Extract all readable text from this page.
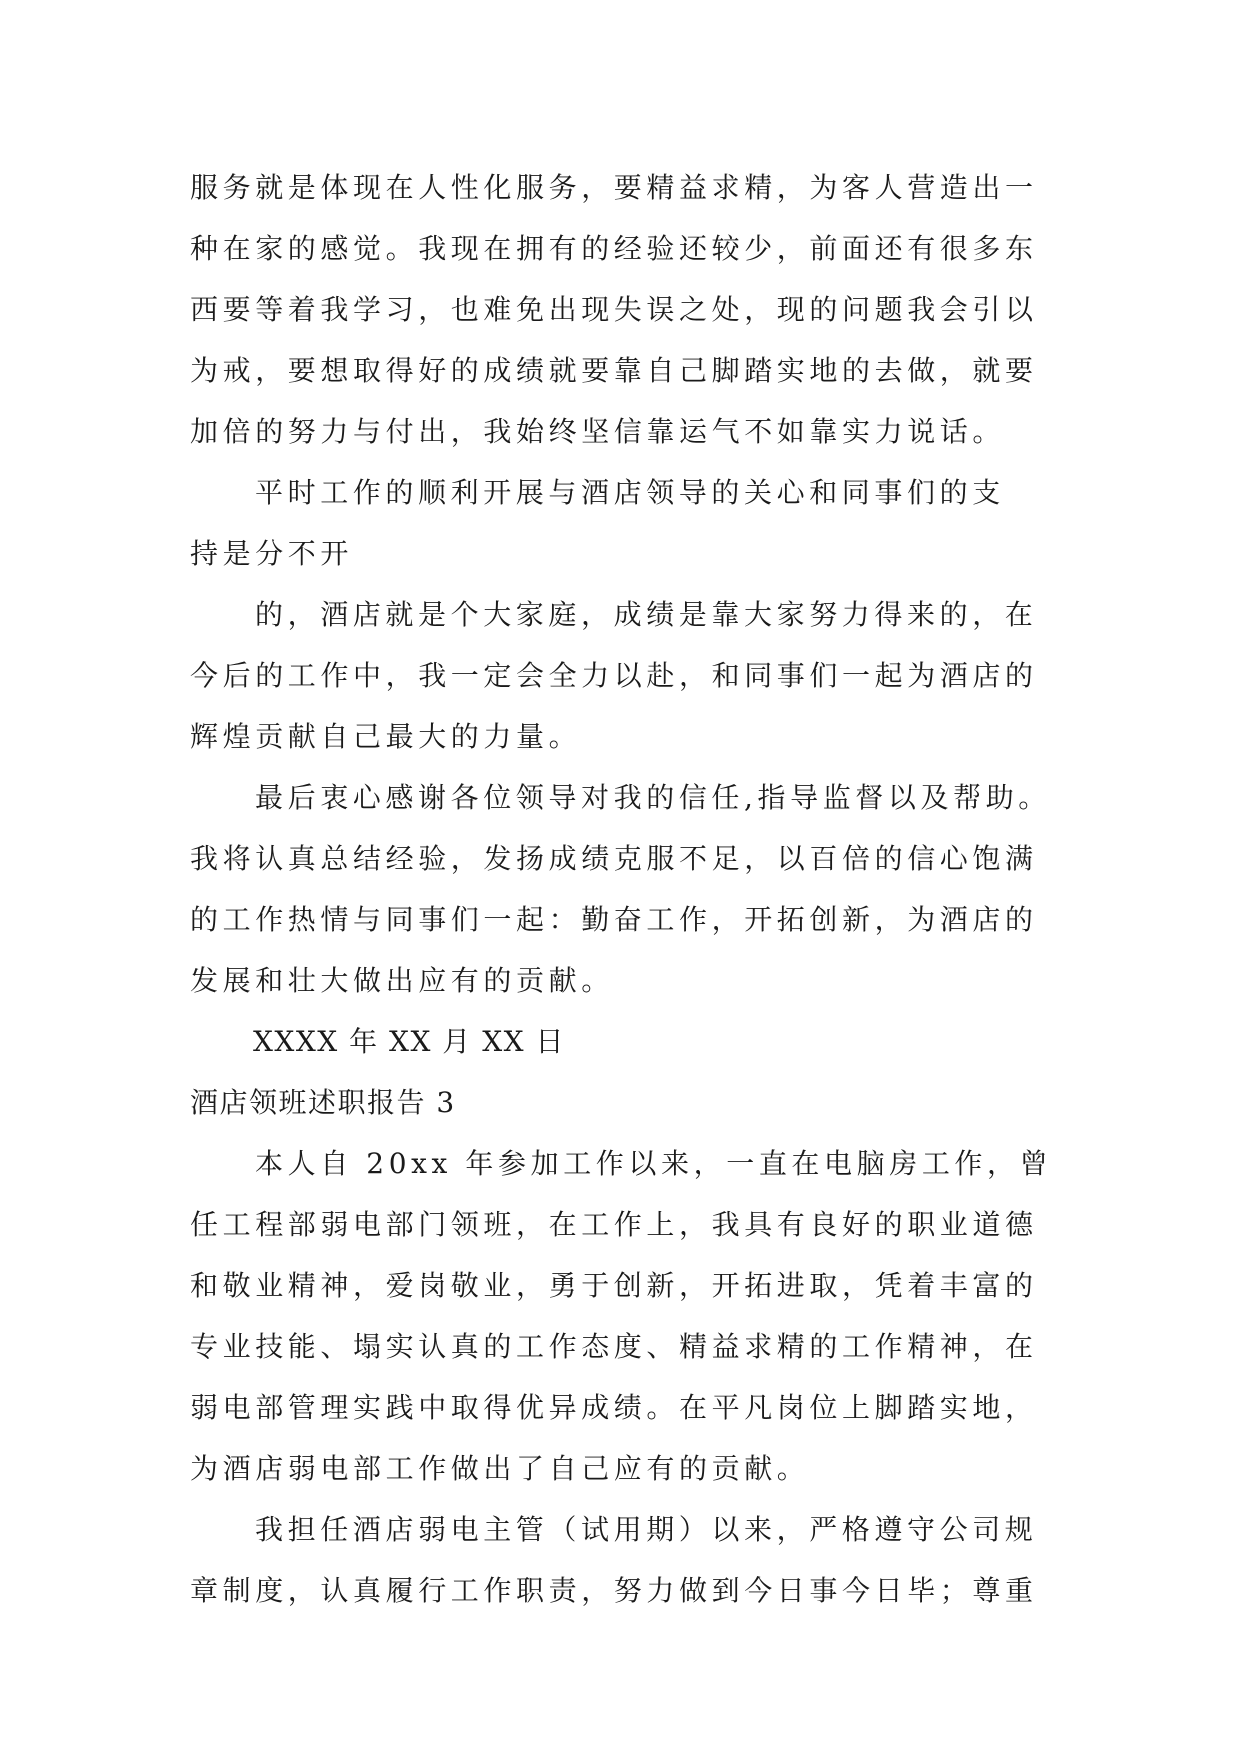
服务就是体现在人性化服务，要精益求精，为客人营造出一
种在家的感觉。我现在拥有的经验还较少，前面还有很多东
西要等着我学习，也难免出现失误之处，现的问题我会引以
为戒，要想取得好的成绩就要靠自己脚踏实地的去做，就要
加倍的努力与付出，我始终坚信靠运气不如靠实力说话。
平时工作的顺利开展与酒店领导的关心和同事们的支
持是分不开
的，酒店就是个大家庭，成绩是靠大家努力得来的，在
今后的工作中，我一定会全力以赴，和同事们一起为酒店的
辉煌贡献自己最大的力量。
最后衷心感谢各位领导对我的信任,指导监督以及帮助。
我将认真总结经验，发扬成绩克服不足，以百倍的信心饱满
的工作热情与同事们一起：勤奋工作，开拓创新，为酒店的
发展和壮大做出应有的贡献。
XXXX 年 XX 月 XX 日
酒店领班述职报告 3
本人自 20xx 年参加工作以来，一直在电脑房工作，曾
任工程部弱电部门领班，在工作上，我具有良好的职业道德
和敬业精神，爱岗敬业，勇于创新，开拓进取，凭着丰富的
专业技能、塌实认真的工作态度、精益求精的工作精神，在
弱电部管理实践中取得优异成绩。在平凡岗位上脚踏实地，
为酒店弱电部工作做出了自己应有的贡献。
我担任酒店弱电主管（试用期）以来，严格遵守公司规
章制度，认真履行工作职责，努力做到今日事今日毕；尊重
